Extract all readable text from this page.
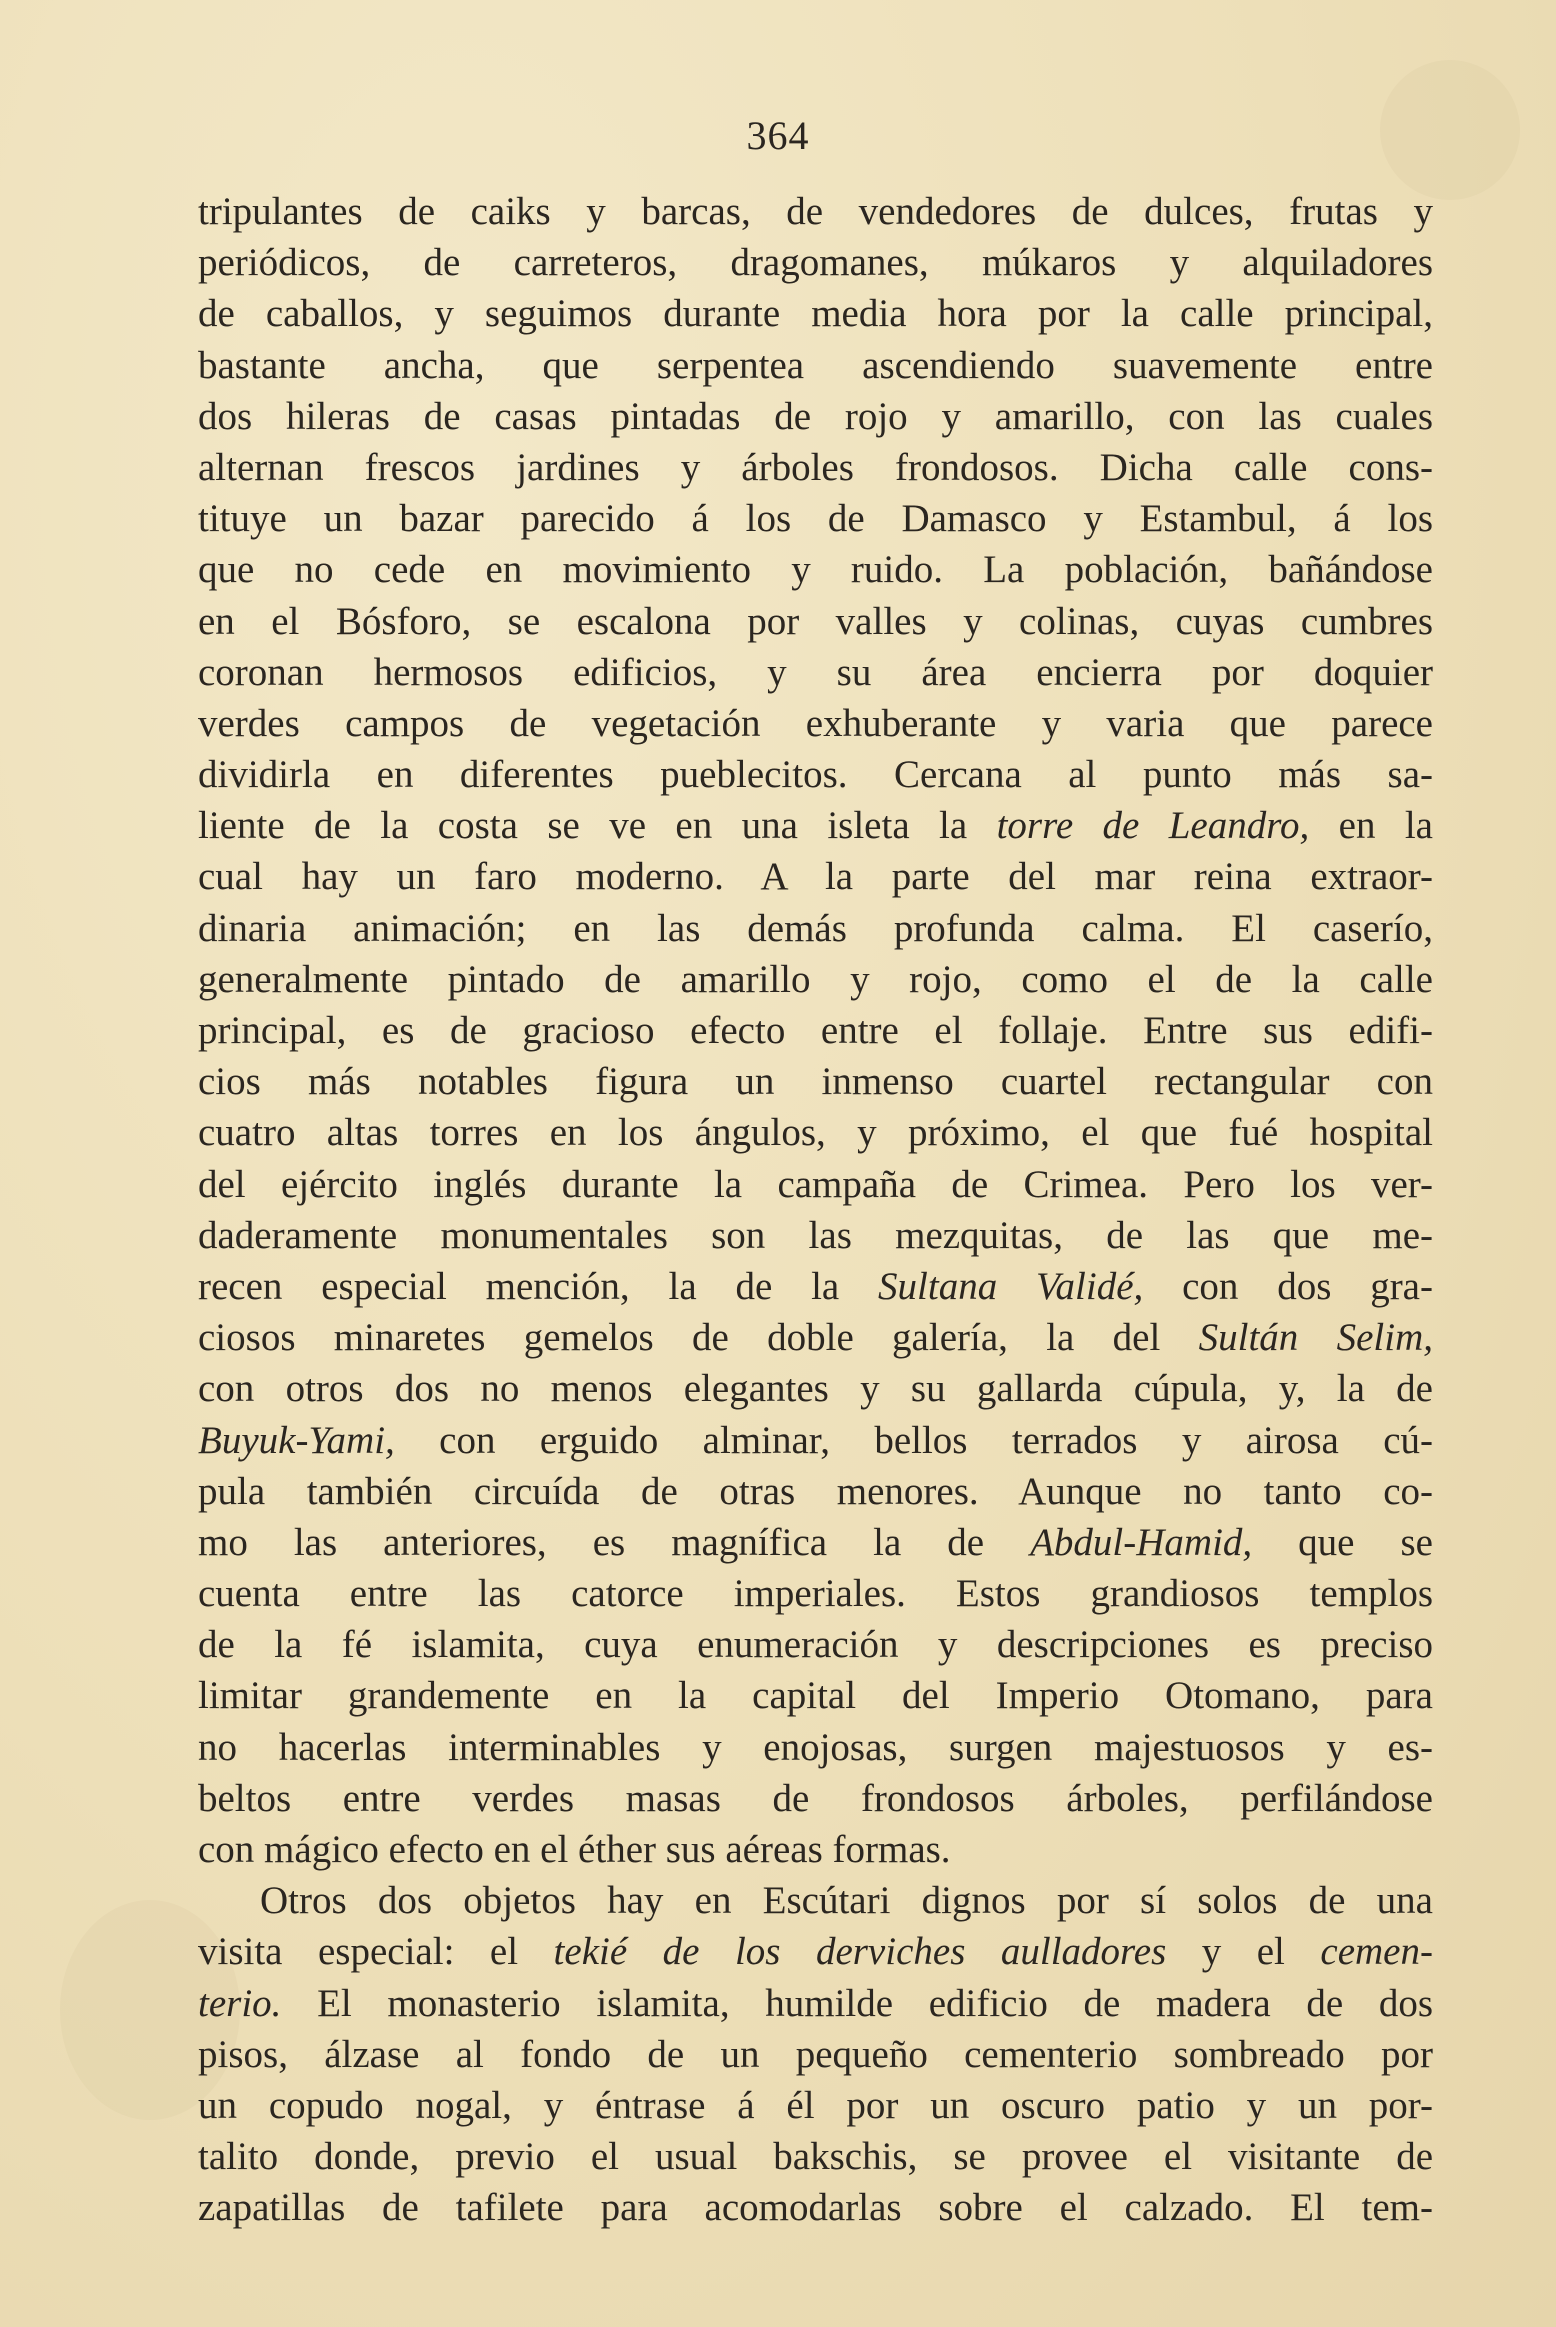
364
tripulantes de caiks y barcas, de vendedores de dulces, frutas y
periódicos, de carreteros, dragomanes, múkaros y alquiladores
de caballos, y seguimos durante media hora por la calle principal,
bastante ancha, que serpentea ascendiendo suavemente entre
dos hileras de casas pintadas de rojo y amarillo, con las cuales
alternan frescos jardines y árboles frondosos. Dicha calle cons-
tituye un bazar parecido á los de Damasco y Estambul, á los
que no cede en movimiento y ruido. La población, bañándose
en el Bósforo, se escalona por valles y colinas, cuyas cumbres
coronan hermosos edificios, y su área encierra por doquier
verdes campos de vegetación exhuberante y varia que parece
dividirla en diferentes pueblecitos. Cercana al punto más sa-
liente de la costa se ve en una isleta la torre de Leandro, en la
cual hay un faro moderno. A la parte del mar reina extraor-
dinaria animación; en las demás profunda calma. El caserío,
generalmente pintado de amarillo y rojo, como el de la calle
principal, es de gracioso efecto entre el follaje. Entre sus edifi-
cios más notables figura un inmenso cuartel rectangular con
cuatro altas torres en los ángulos, y próximo, el que fué hospital
del ejército inglés durante la campaña de Crimea. Pero los ver-
daderamente monumentales son las mezquitas, de las que me-
recen especial mención, la de la Sultana Validé, con dos gra-
ciosos minaretes gemelos de doble galería, la del Sultán Selim,
con otros dos no menos elegantes y su gallarda cúpula, y, la de
Buyuk-Yami, con erguido alminar, bellos terrados y airosa cú-
pula también circuída de otras menores. Aunque no tanto co-
mo las anteriores, es magnífica la de Abdul-Hamid, que se
cuenta entre las catorce imperiales. Estos grandiosos templos
de la fé islamita, cuya enumeración y descripciones es preciso
limitar grandemente en la capital del Imperio Otomano, para
no hacerlas interminables y enojosas, surgen majestuosos y es-
beltos entre verdes masas de frondosos árboles, perfilándose
con mágico efecto en el éther sus aéreas formas.
Otros dos objetos hay en Escútari dignos por sí solos de una
visita especial: el tekié de los derviches aulladores y el cemen-
terio. El monasterio islamita, humilde edificio de madera de dos
pisos, álzase al fondo de un pequeño cementerio sombreado por
un copudo nogal, y éntrase á él por un oscuro patio y un por-
talito donde, previo el usual bakschis, se provee el visitante de
zapatillas de tafilete para acomodarlas sobre el calzado. El tem-
